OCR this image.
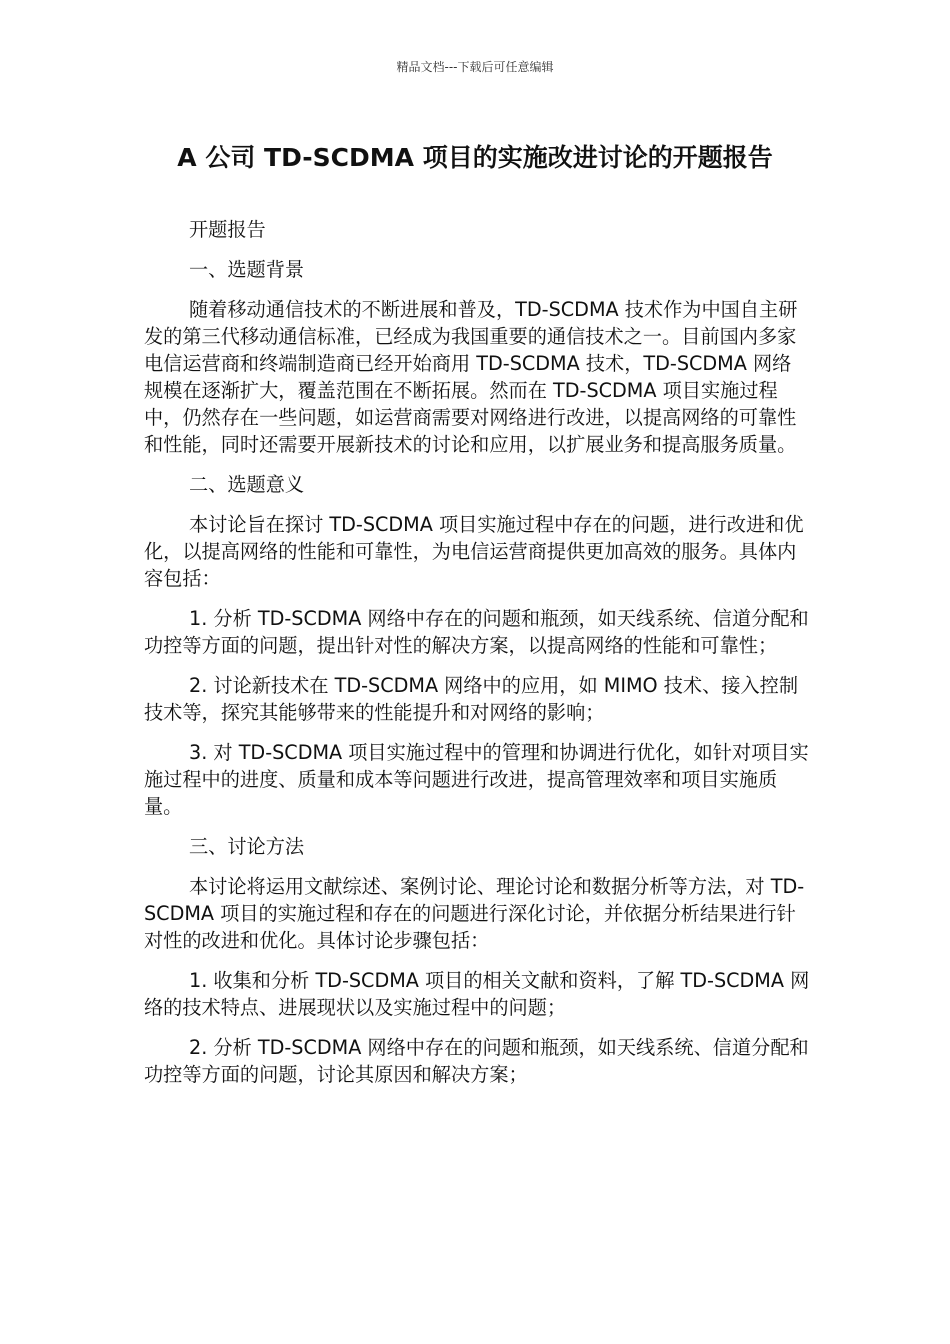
精品文档---下载后可任意编辑
A 公司 TD-SCDMA 项目的实施改进讨论的开题报告

开题报告

一、选题背景

随着移动通信技术的不断进展和普及，TD-SCDMA 技术作为中国自主研发的第三代移动通信标准，已经成为我国重要的通信技术之一。目前国内多家电信运营商和终端制造商已经开始商用 TD-SCDMA 技术，TD-SCDMA 网络规模在逐渐扩大，覆盖范围在不断拓展。然而在 TD-SCDMA 项目实施过程中，仍然存在一些问题，如运营商需要对网络进行改进，以提高网络的可靠性和性能，同时还需要开展新技术的讨论和应用，以扩展业务和提高服务质量。

二、选题意义

本讨论旨在探讨 TD-SCDMA 项目实施过程中存在的问题，进行改进和优化，以提高网络的性能和可靠性，为电信运营商提供更加高效的服务。具体内容包括：

1. 分析 TD-SCDMA 网络中存在的问题和瓶颈，如天线系统、信道分配和功控等方面的问题，提出针对性的解决方案，以提高网络的性能和可靠性；

2. 讨论新技术在 TD-SCDMA 网络中的应用，如 MIMO 技术、接入控制技术等，探究其能够带来的性能提升和对网络的影响；

3. 对 TD-SCDMA 项目实施过程中的管理和协调进行优化，如针对项目实施过程中的进度、质量和成本等问题进行改进，提高管理效率和项目实施质量。

三、讨论方法

本讨论将运用文献综述、案例讨论、理论讨论和数据分析等方法，对 TD-SCDMA 项目的实施过程和存在的问题进行深化讨论，并依据分析结果进行针对性的改进和优化。具体讨论步骤包括：

1. 收集和分析 TD-SCDMA 项目的相关文献和资料，了解 TD-SCDMA 网络的技术特点、进展现状以及实施过程中的问题；

2. 分析 TD-SCDMA 网络中存在的问题和瓶颈，如天线系统、信道分配和功控等方面的问题，讨论其原因和解决方案；
